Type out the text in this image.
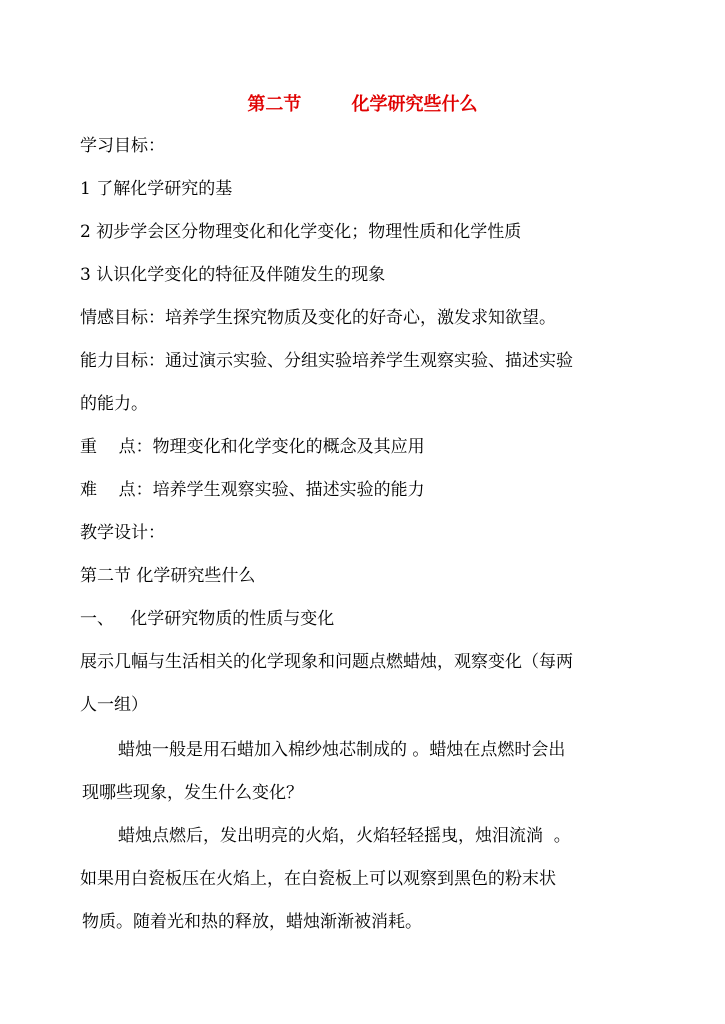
第二节        化学研究些什么
学习目标：
1 了解化学研究的基
2 初步学会区分物理变化和化学变化；物理性质和化学性质
3 认识化学变化的特征及伴随发生的现象
情感目标：培养学生探究物质及变化的好奇心，激发求知欲望。
能力目标：通过演示实验、分组实验培养学生观察实验、描述实验
的能力。
重    点：物理变化和化学变化的概念及其应用
难    点：培养学生观察实验、描述实验的能力
教学设计：
第二节 化学研究些什么
一、   化学研究物质的性质与变化
展示几幅与生活相关的化学现象和问题点燃蜡烛，观察变化（每两
人一组）
蜡烛一般是用石蜡加入棉纱烛芯制成的 。蜡烛在点燃时会出
现哪些现象，发生什么变化？
蜡烛点燃后，发出明亮的火焰，火焰轻轻摇曳，烛泪流淌  。
如果用白瓷板压在火焰上，在白瓷板上可以观察到黑色的粉末状
物质。随着光和热的释放，蜡烛渐渐被消耗。
